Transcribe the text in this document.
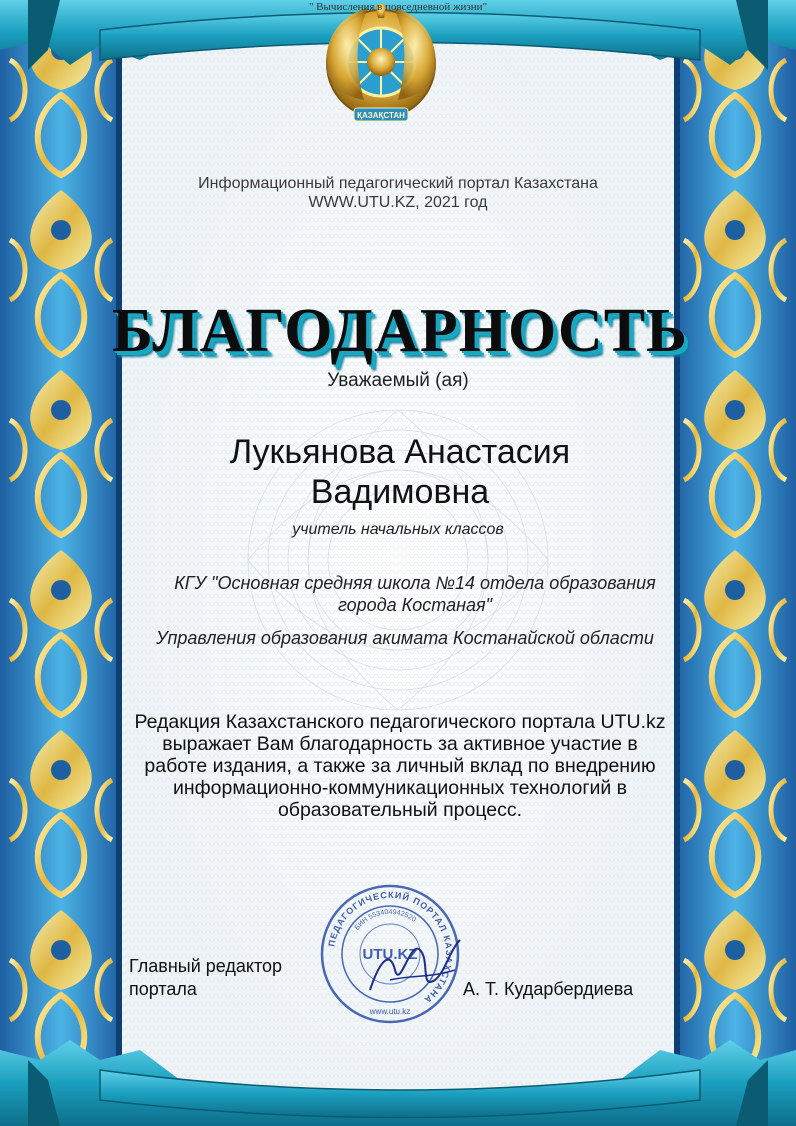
ҚАЗАҚСТАН
" Вычисления в повседневной жизни"
Информационный педагогический портал Казахстана
WWW.UTU.KZ, 2021 год
БЛАГОДАРНОСТЬ
Уважаемый (ая)
Лукьянова Анастасия Вадимовна
учитель начальных классов
КГУ "Основная средняя школа №14 отдела образования города Костаная"
Управления образования акимата Костанайской области
Редакция Казахстанского педагогического портала UTU.kz выражает Вам благодарность за активное участие в работе издания, а также за личный вклад по внедрению информационно-коммуникационных технологий в образовательный процесс.
Главный редактор портала
ПЕДАГОГИЧЕСКИЙ ПОРТАЛ КАЗАХСТАНА
БИН 553404942520
UTU.KZ
www.utu.kz
А. Т. Кударбердиева
